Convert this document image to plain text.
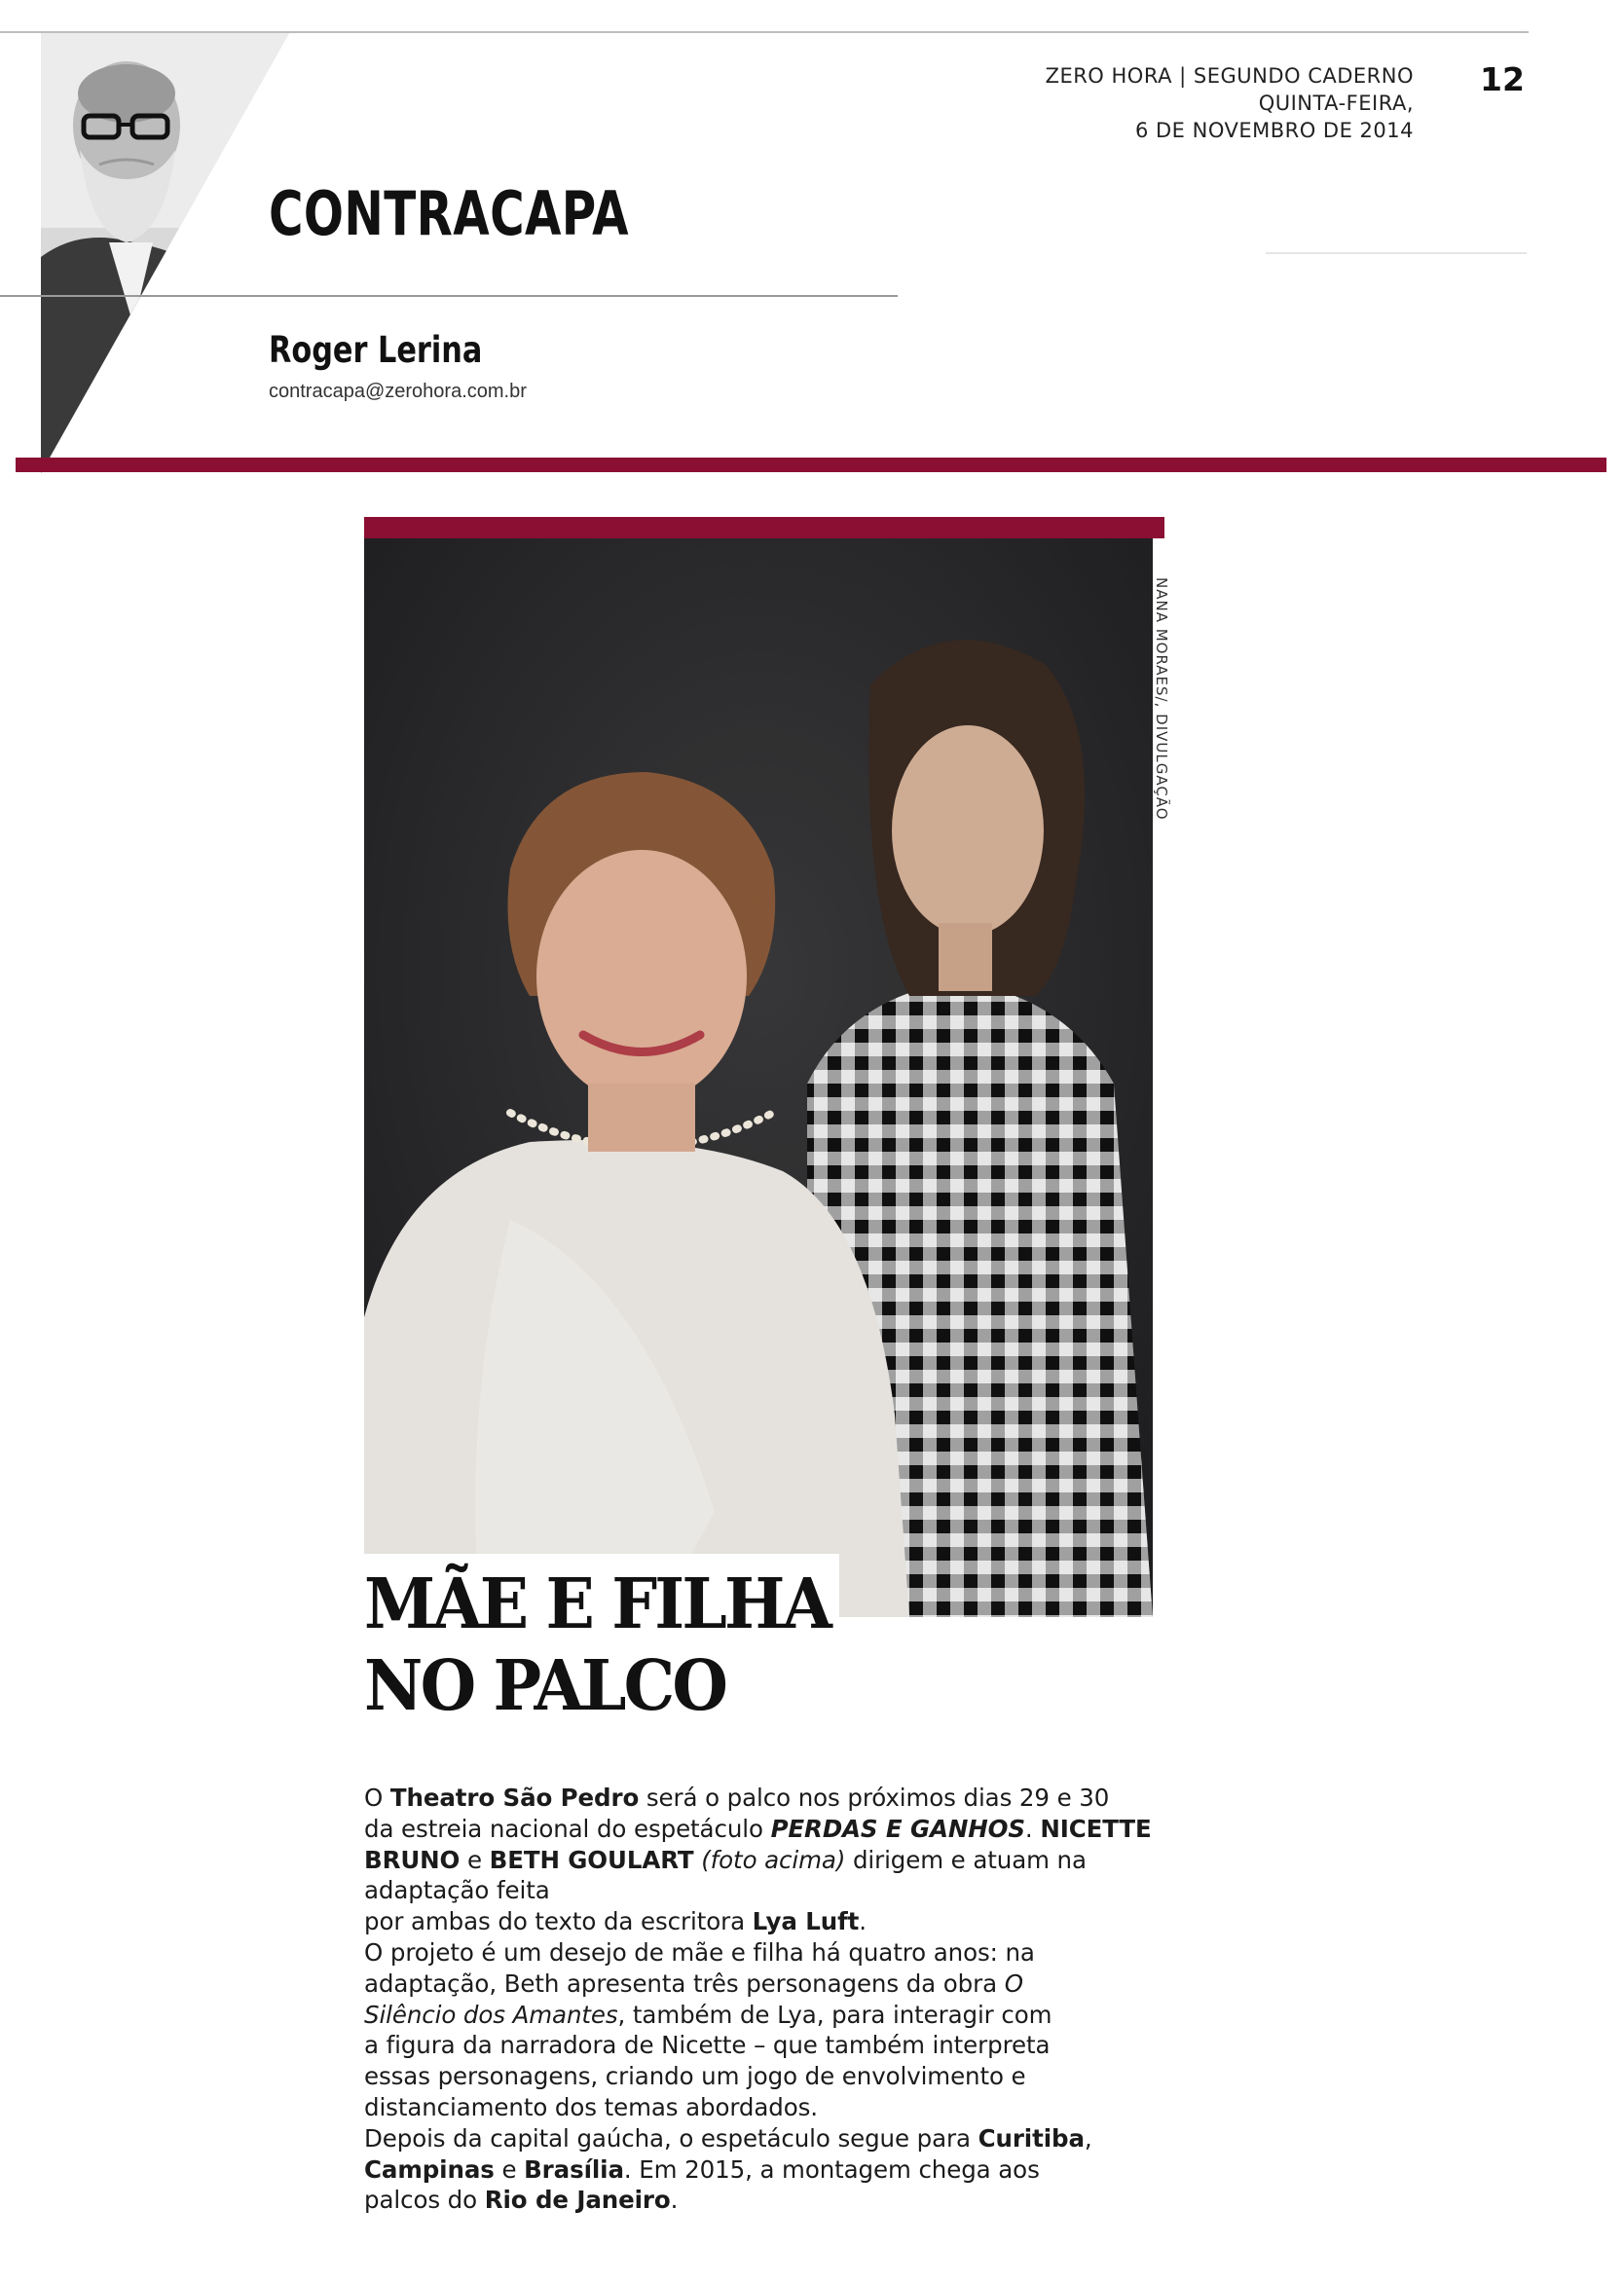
ZERO HORA | SEGUNDO CADERNO
QUINTA-FEIRA,
6 DE NOVEMBRO DE 2014
12
CONTRACAPA
Roger Lerina
contracapa@zerohora.com.br
NANA MORAES/, DIVULGAÇÃO
MÃE E FILHA
NO PALCO

O Theatro São Pedro será o palco nos próximos dias 29 e 30
da estreia nacional do espetáculo PERDAS E GANHOS. NICETTE
BRUNO e BETH GOULART (foto acima) dirigem e atuam na
adaptação feita
por ambas do texto da escritora Lya Luft.

O projeto é um desejo de mãe e filha há quatro anos: na
adaptação, Beth apresenta três personagens da obra O
Silêncio dos Amantes, também de Lya, para interagir com
a figura da narradora de Nicette – que também interpreta
essas personagens, criando um jogo de envolvimento e
distanciamento dos temas abordados.

Depois da capital gaúcha, o espetáculo segue para Curitiba,
Campinas e Brasília. Em 2015, a montagem chega aos
palcos do Rio de Janeiro.
